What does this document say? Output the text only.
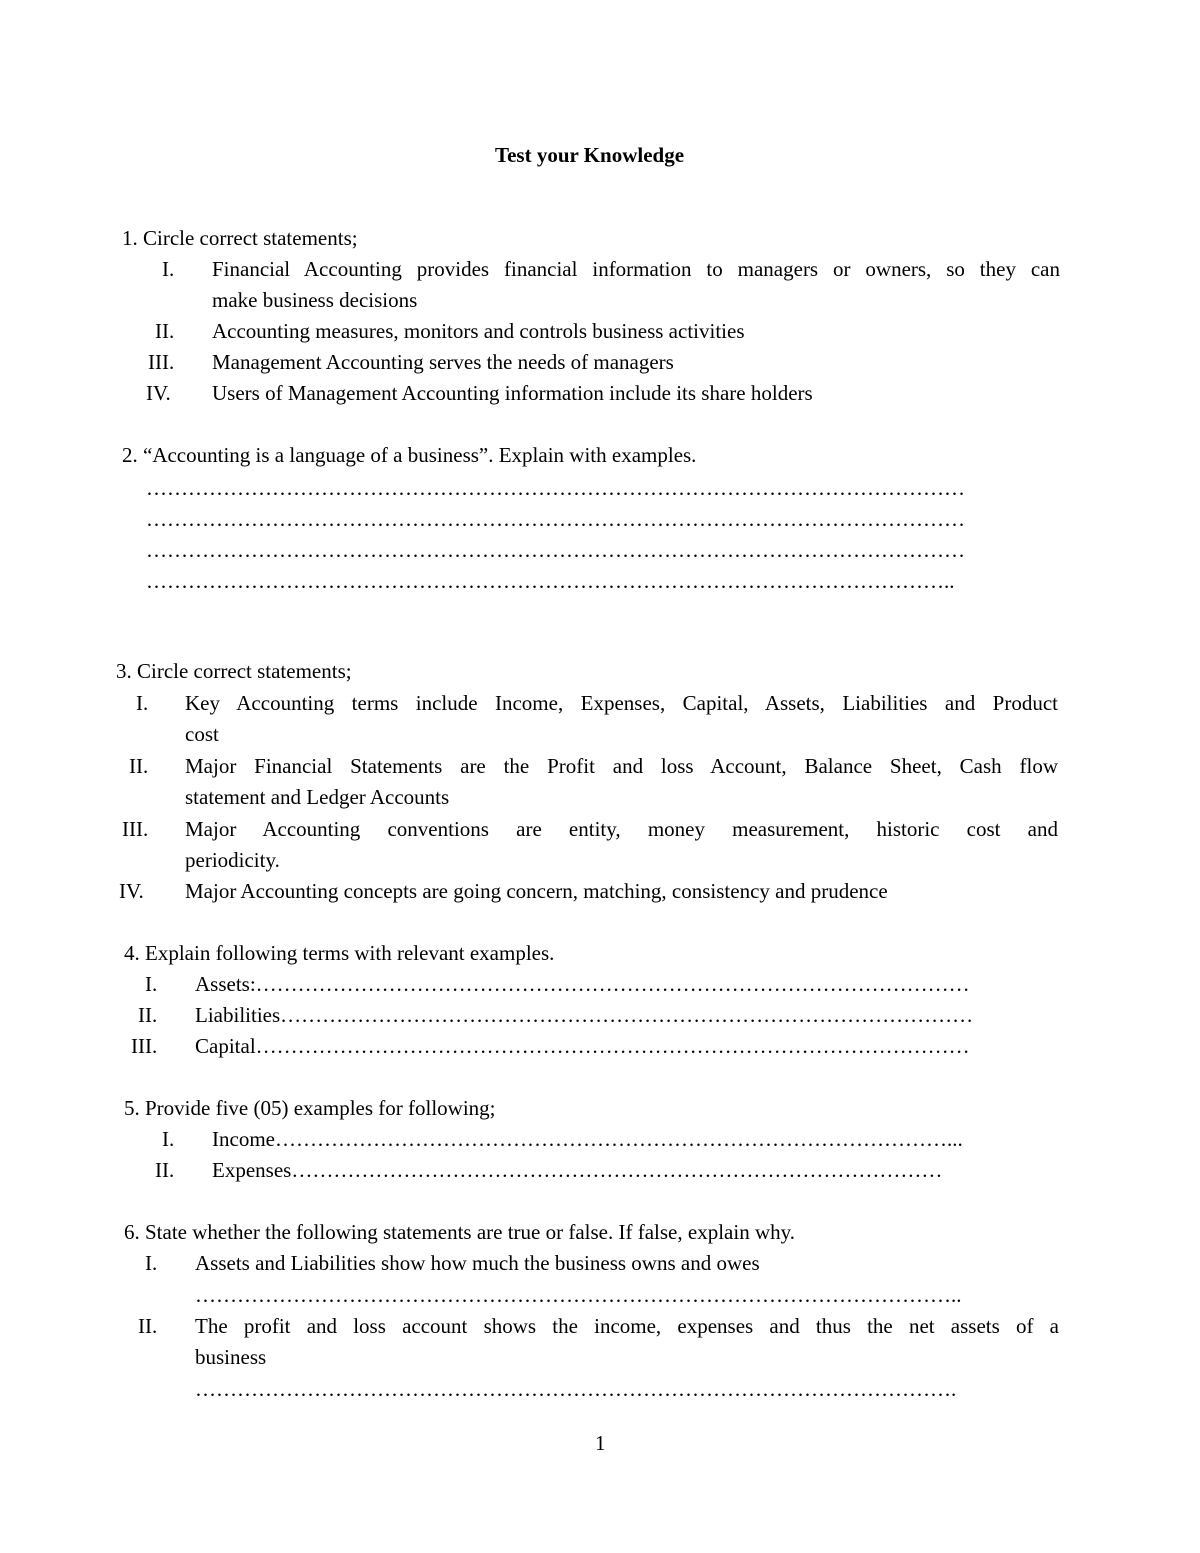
Test your Knowledge
1. Circle correct statements;
I. Financial Accounting provides financial information to managers or owners, so they can
make business decisions
II. Accounting measures, monitors and controls business activities
III. Management Accounting serves the needs of managers
IV. Users of Management Accounting information include its share holders
2. “Accounting is a language of a business”. Explain with examples.
………………………………………………………………………………………………………
………………………………………………………………………………………………………
………………………………………………………………………………………………………
……………………………………………………………………………………………………..
3. Circle correct statements;
I. Key Accounting terms include Income, Expenses, Capital, Assets, Liabilities and Product
cost
II. Major Financial Statements are the Profit and loss Account, Balance Sheet, Cash flow
statement and Ledger Accounts
III. Major Accounting conventions are entity, money measurement, historic cost and
periodicity.
IV. Major Accounting concepts are going concern, matching, consistency and prudence
4. Explain following terms with relevant examples.
I. Assets:…………………………………………………………………………………………
II. Liabilities………………………………………………………………………………………
III. Capital…………………………………………………………………………………………
5. Provide five (05) examples for following;
I. Income……………………………………………………………………………………...
II. Expenses…………………………………………………………………………………
6. State whether the following statements are true or false. If false, explain why.
I. Assets and Liabilities show how much the business owns and owes
………………………………………………………………………………………………..
II. The profit and loss account shows the income, expenses and thus the net assets of a
business
……………………………………………………………………………………………….
1
